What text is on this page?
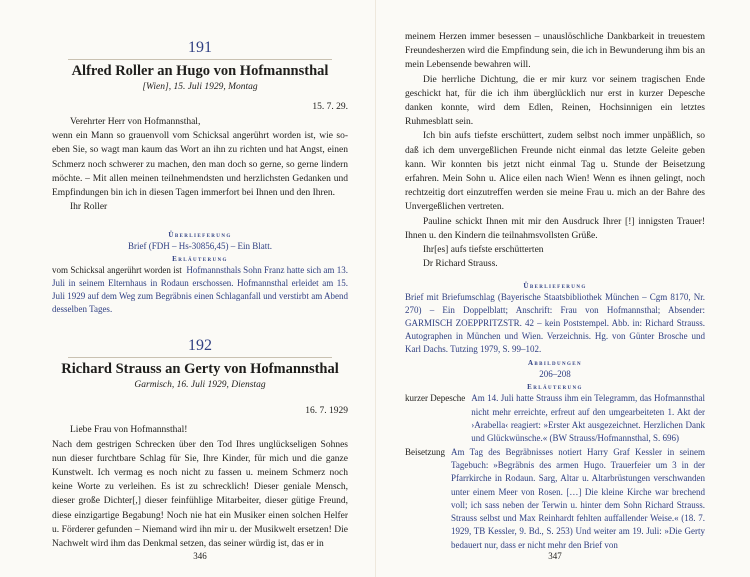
191
Alfred Roller an Hugo von Hofmannsthal
[Wien], 15. Juli 1929, Montag
15. 7. 29.

Verehrter Herr von Hofmannsthal,

wenn ein Mann so grauenvoll vom Schicksal angerührt worden ist, wie so-eben Sie, so wagt man kaum das Wort an ihn zu richten und hat Angst, einen Schmerz noch schwerer zu machen, den man doch so gerne, so gerne lindern möchte. – Mit allen meinen teilnehmendsten und herzlichsten Gedanken und Empfindungen bin ich in diesen Tagen immerfort bei Ihnen und den Ihren.

Ihr Roller

Überlieferung
Brief (FDH – Hs-30856,45) – Ein Blatt.
Erläuterung
vom Schicksal angerührt worden ist Hofmannsthals Sohn Franz hatte sich am 13. Juli in seinem Elternhaus in Rodaun erschossen. Hofmannsthal erleidet am 15. Juli 1929 auf dem Weg zum Begräbnis einen Schlaganfall und verstirbt am Abend desselben Tages.
192
Richard Strauss an Gerty von Hofmannsthal
Garmisch, 16. Juli 1929, Dienstag
16. 7. 1929

Liebe Frau von Hofmannsthal!

Nach dem gestrigen Schrecken über den Tod Ihres unglückseligen Sohnes nun dieser furchtbare Schlag für Sie, Ihre Kinder, für mich und die ganze Kunstwelt. Ich vermag es noch nicht zu fassen u. meinem Schmerz noch keine Worte zu verleihen. Es ist zu schrecklich! Dieser geniale Mensch, dieser große Dichter[,] dieser feinfühlige Mitarbeiter, dieser gütige Freund, diese einzigartige Begabung! Noch nie hat ein Musiker einen solchen Helfer u. Förderer gefunden – Niemand wird ihn mir u. der Musikwelt ersetzen! Die Nachwelt wird ihm das Denkmal setzen, das seiner würdig ist, das er in

346

meinem Herzen immer besessen – unauslöschliche Dankbarkeit in treuestem Freundesherzen wird die Empfindung sein, die ich in Bewunderung ihm bis an mein Lebensende bewahren will.

Die herrliche Dichtung, die er mir kurz vor seinem tragischen Ende geschickt hat, für die ich ihm überglücklich nur erst in kurzer Depesche danken konnte, wird dem Edlen, Reinen, Hochsinnigen ein letztes Ruhmesblatt sein.

Ich bin aufs tiefste erschüttert, zudem selbst noch immer unpäßlich, so daß ich dem unvergeßlichen Freunde nicht einmal das letzte Geleite geben kann. Wir konnten bis jetzt nicht einmal Tag u. Stunde der Beisetzung erfahren. Mein Sohn u. Alice eilen nach Wien! Wenn es ihnen gelingt, noch rechtzeitig dort einzutreffen werden sie meine Frau u. mich an der Bahre des Unvergeßlichen vertreten.

Pauline schickt Ihnen mit mir den Ausdruck Ihrer [!] innigsten Trauer! Ihnen u. den Kindern die teilnahmsvollsten Grüße.

Ihr[es] aufs tiefste erschütterten

Dr Richard Strauss.

Überlieferung
Brief mit Briefumschlag (Bayerische Staatsbibliothek München – Cgm 8170, Nr. 270) – Ein Doppelblatt; Anschrift: Frau von Hofmannsthal; Absender: GARMISCH ZOEPPRITZSTR. 42 – kein Poststempel. Abb. in: Richard Strauss. Autographen in München und Wien. Verzeichnis. Hg. von Günter Brosche und Karl Dachs. Tutzing 1979, S. 99–102.
Abbildungen
206–208
Erläuterung
kurzer Depesche Am 14. Juli hatte Strauss ihm ein Telegramm, das Hofmannsthal nicht mehr erreichte, erfreut auf den umgearbeiteten 1. Akt der ›Arabella‹ reagiert: »Erster Akt ausgezeichnet. Herzlichen Dank und Glückwünsche.« (BW Strauss/Hofmannsthal, S. 696)
Beisetzung Am Tag des Begräbnisses notiert Harry Graf Kessler in seinem Tagebuch: »Begräbnis des armen Hugo. Trauerfeier um 3 in der Pfarrkirche in Rodaun. Sarg, Altar u. Altarbrüstungen verschwanden unter einem Meer von Rosen. […] Die kleine Kirche war brechend voll; ich sass neben der Terwin u. hinter dem Sohn Richard Strauss. Strauss selbst und Max Reinhardt fehlten auffallender Weise.« (18. 7. 1929, TB Kessler, 9. Bd., S. 253) Und weiter am 19. Juli: »Die Gerty bedauert nur, dass er nicht mehr den Brief von
347
